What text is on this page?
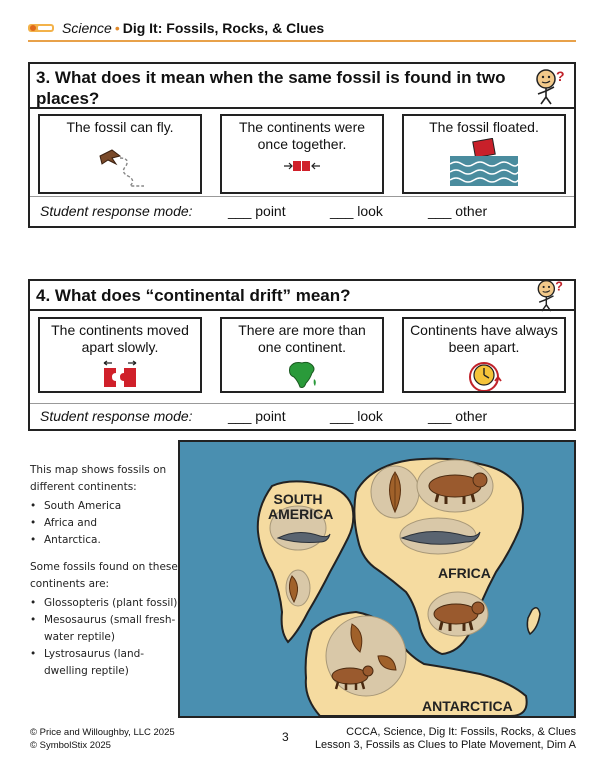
Science • Dig It: Fossils, Rocks, & Clues
3. What does it mean when the same fossil is found in two places?
?
The fossil can fly.	The continents were once together.
The fossil floated.
Student response mode:	___ point	___ look	___ other
4. What does “continental drift” mean?	?
The continents moved apart slowly.
There are more than one continent.
Continents have always been apart.
Student response mode:	___ point	___ look	___ other

This map shows fossils on different continents:

• South America
• Africa and
• Antarctica.

Some fossils found on these continents are:

• Glossopteris (plant fossil)
• Mesosaurus (small fresh-water reptile)
• Lystrosaurus (land-dwelling reptile)
SOUTH AMERICA
AFRICA
ANTARCTICA
© Price and Willoughby, LLC 2025
© SymbolStix 2025
3	CCCA, Science, Dig It: Fossils, Rocks, & Clues
Lesson 3, Fossils as Clues to Plate Movement, Dim A
